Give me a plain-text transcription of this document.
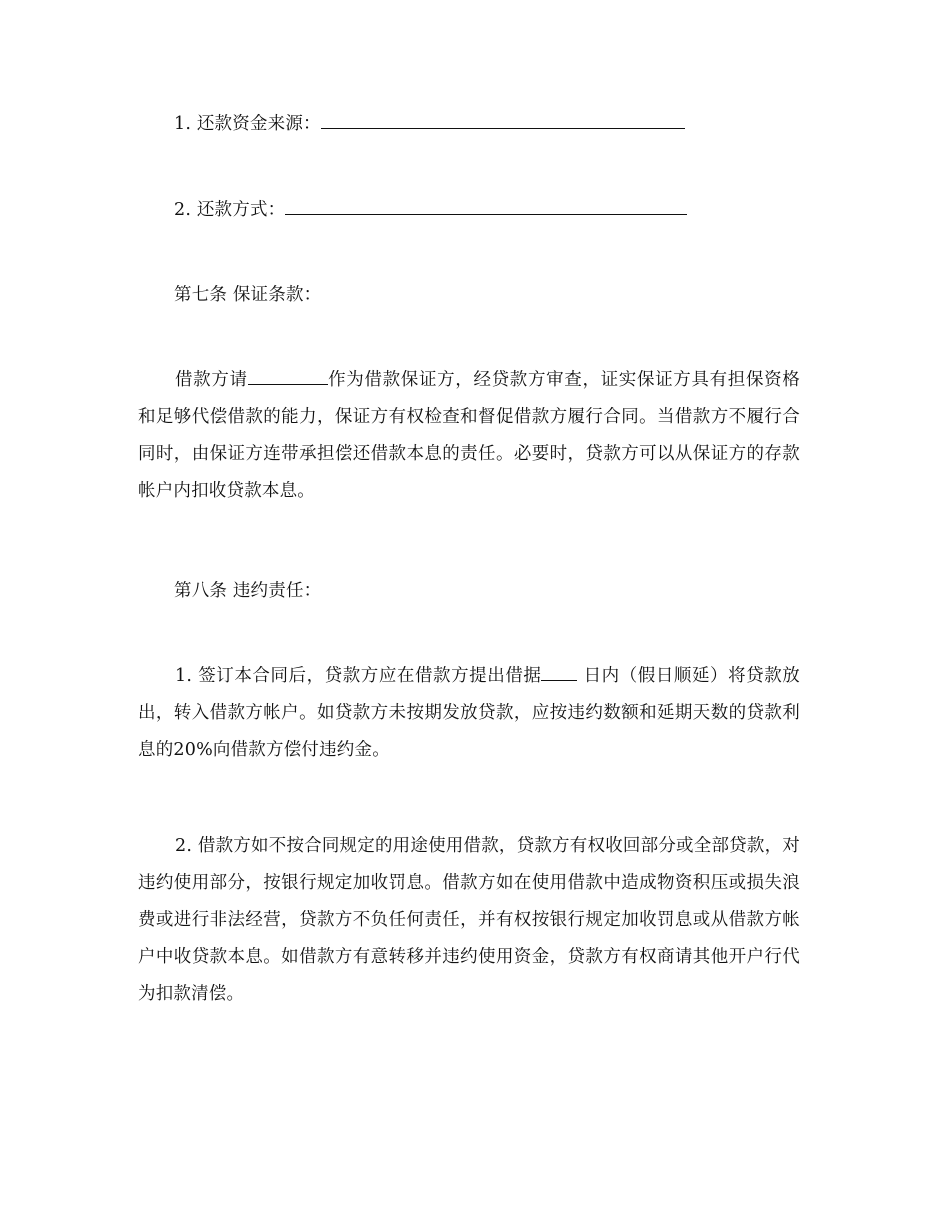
1. 还款资金来源：
2. 还款方式：
第七条 保证条款：
借款方请	作为借款保证方，经贷款方审查，证实保证方具有担保资格和足够代偿借款的能力，保证方有权检查和督促借款方履行合同。当借款方不履行合同时，由保证方连带承担偿还借款本息的责任。必要时，贷款方可以从保证方的存款帐户内扣收贷款本息。
第八条 违约责任：
1. 签订本合同后，贷款方应在借款方提出借据 日内（假日顺延）将贷款放出，转入借款方帐户。如贷款方未按期发放贷款，应按违约数额和延期天数的贷款利息的20%向借款方偿付违约金。
2. 借款方如不按合同规定的用途使用借款，贷款方有权收回部分或全部贷款，对违约使用部分，按银行规定加收罚息。借款方如在使用借款中造成物资积压或损失浪费或进行非法经营，贷款方不负任何责任，并有权按银行规定加收罚息或从借款方帐户中收贷款本息。如借款方有意转移并违约使用资金，贷款方有权商请其他开户行代为扣款清偿。
